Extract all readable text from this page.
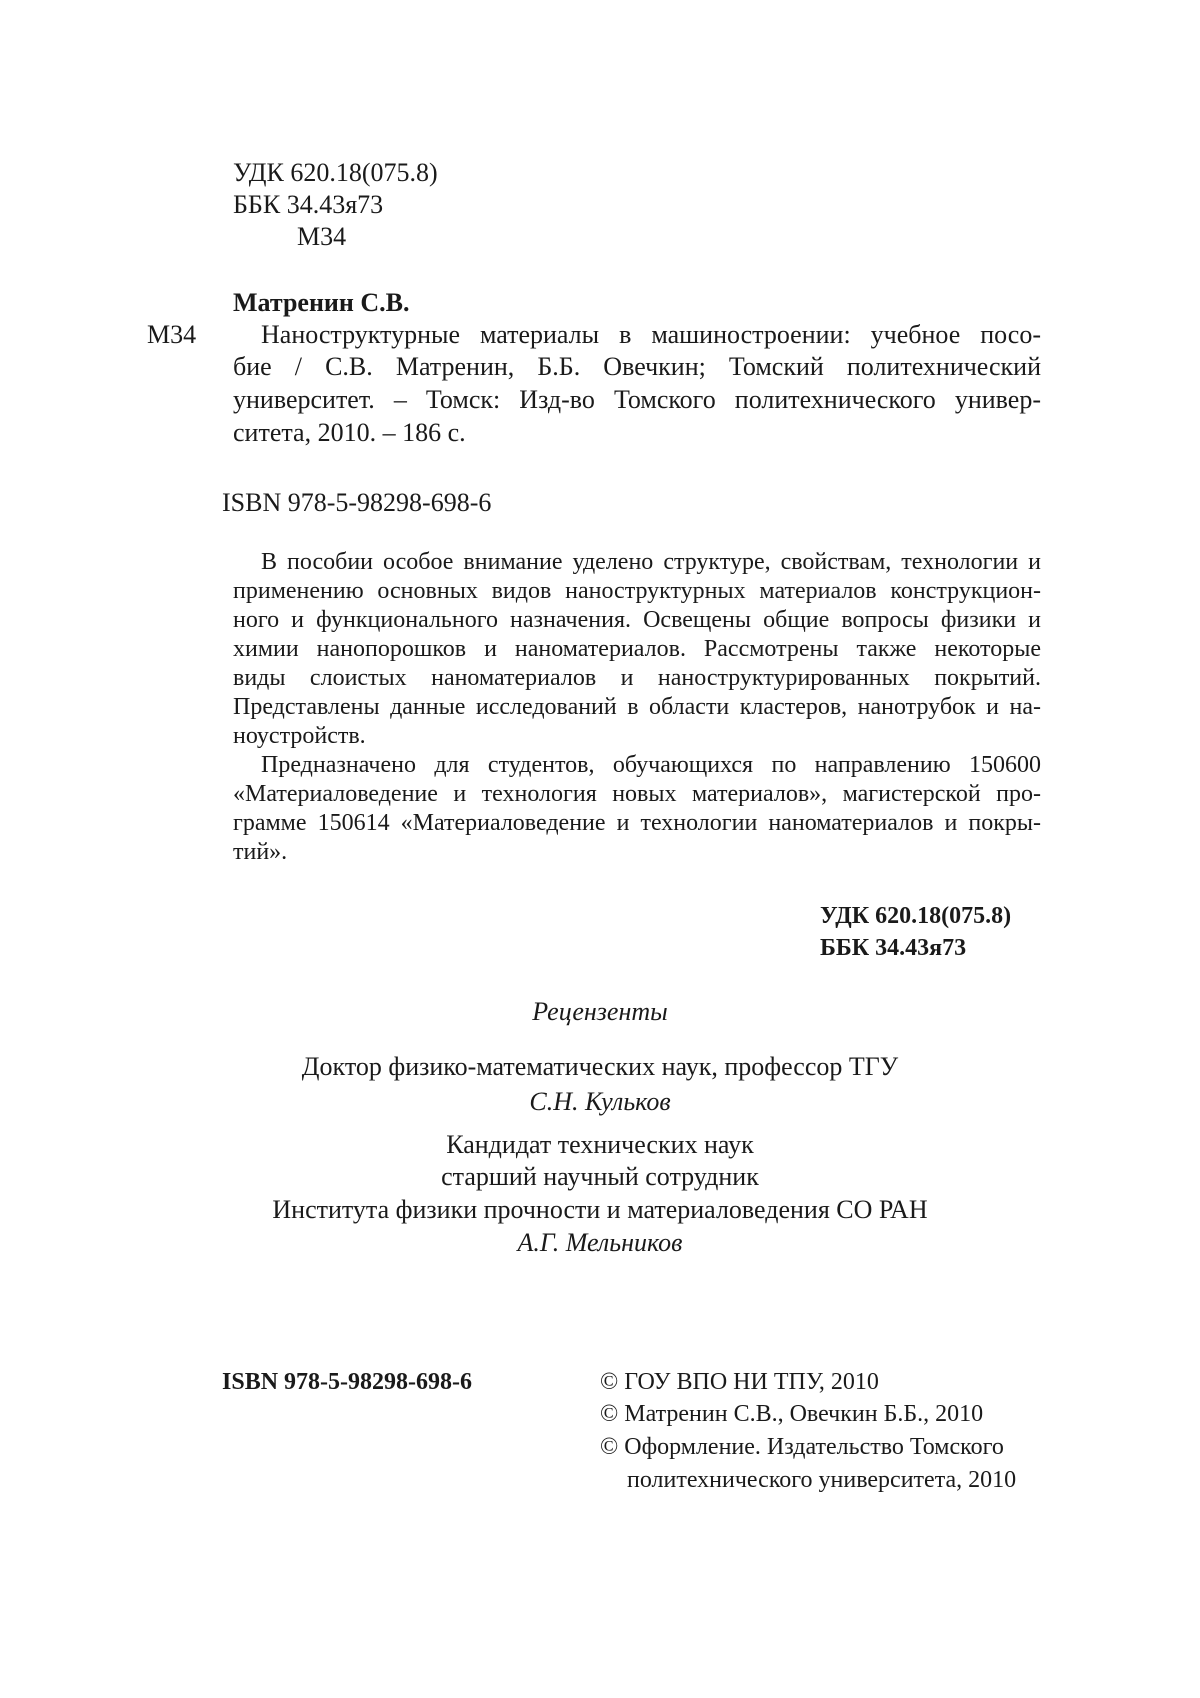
УДК 620.18(075.8)
ББК 34.43я73
М34
Матренин С.В.
М34 Наноструктурные материалы в машиностроении: учебное посо-
бие / С.В. Матренин, Б.Б. Овечкин; Томский политехнический
университет. – Томск: Изд-во Томского политехнического универ-
ситета, 2010. – 186 с.
ISBN 978-5-98298-698-6
В пособии особое внимание уделено структуре, свойствам, технологии и
применению основных видов наноструктурных материалов конструкцион-
ного и функционального назначения. Освещены общие вопросы физики и
химии нанопорошков и наноматериалов. Рассмотрены также некоторые
виды слоистых наноматериалов и наноструктурированных покрытий.
Представлены данные исследований в области кластеров, нанотрубок и на-
ноустройств.
Предназначено для студентов, обучающихся по направлению 150600
«Материаловедение и технология новых материалов», магистерской про-
грамме 150614 «Материаловедение и технологии наноматериалов и покры-
тий».
УДК 620.18(075.8)
ББК 34.43я73
Рецензенты
Доктор физико-математических наук, профессор ТГУ
С.Н. Кульков
Кандидат технических наук
старший научный сотрудник
Института физики прочности и материаловедения СО РАН
А.Г. Мельников
ISBN 978-5-98298-698-6	© ГОУ ВПО НИ ТПУ, 2010
© Матренин С.В., Овечкин Б.Б., 2010
© Оформление. Издательство Томского
политехнического университета, 2010
